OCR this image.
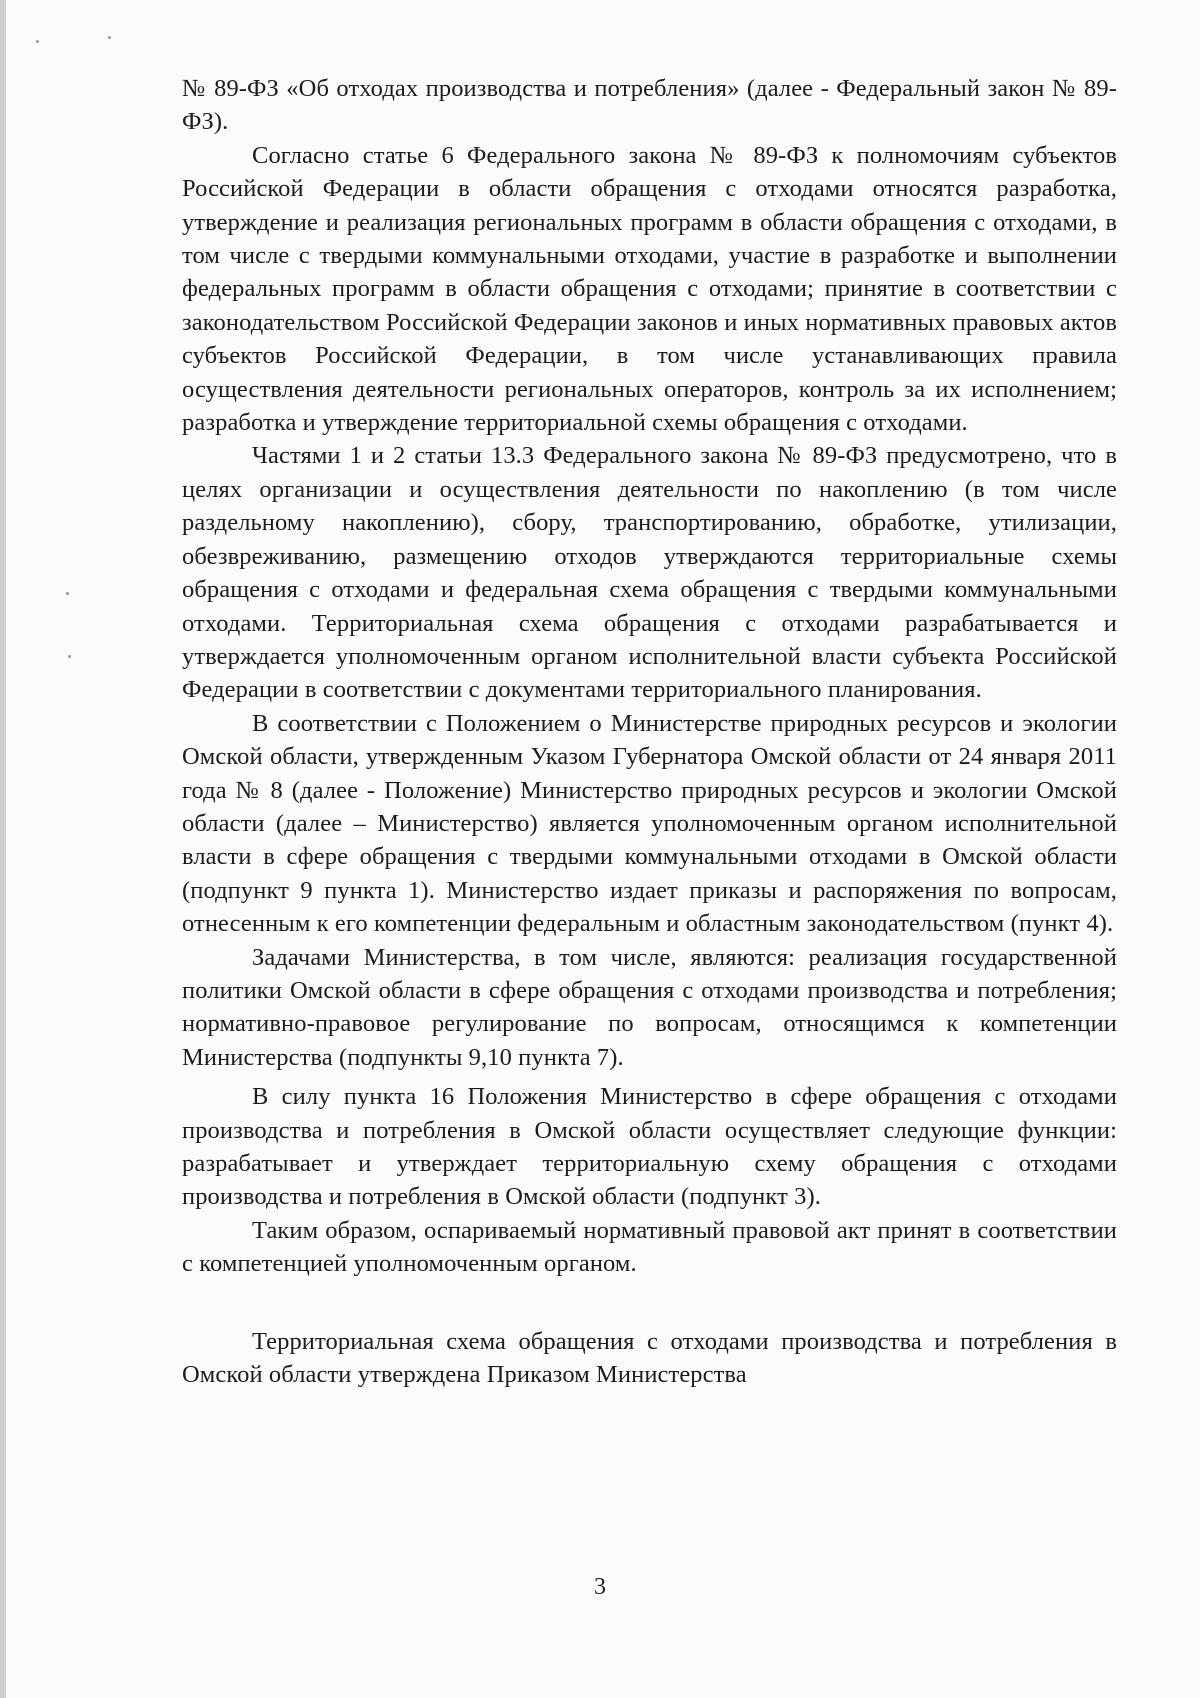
№ 89-ФЗ «Об отходах производства и потребления» (далее - Федеральный закон № 89-ФЗ).

Согласно статье 6 Федерального закона № 89-ФЗ к полномочиям субъектов Российской Федерации в области обращения с отходами относятся разработка, утверждение и реализация региональных программ в области обращения с отходами, в том числе с твердыми коммунальными отходами, участие в разработке и выполнении федеральных программ в области обращения с отходами; принятие в соответствии с законодательством Российской Федерации законов и иных нормативных правовых актов субъектов Российской Федерации, в том числе устанавливающих правила осуществления деятельности региональных операторов, контроль за их исполнением; разработка и утверждение территориальной схемы обращения с отходами.

Частями 1 и 2 статьи 13.3 Федерального закона № 89-ФЗ предусмотрено, что в целях организации и осуществления деятельности по накоплению (в том числе раздельному накоплению), сбору, транспортированию, обработке, утилизации, обезвреживанию, размещению отходов утверждаются территориальные схемы обращения с отходами и федеральная схема обращения с твердыми коммунальными отходами. Территориальная схема обращения с отходами разрабатывается и утверждается уполномоченным органом исполнительной власти субъекта Российской Федерации в соответствии с документами территориального планирования.

В соответствии с Положением о Министерстве природных ресурсов и экологии Омской области, утвержденным Указом Губернатора Омской области от 24 января 2011 года № 8 (далее - Положение) Министерство природных ресурсов и экологии Омской области (далее – Министерство) является уполномоченным органом исполнительной власти в сфере обращения с твердыми коммунальными отходами в Омской области (подпункт 9 пункта 1). Министерство издает приказы и распоряжения по вопросам, отнесенным к его компетенции федеральным и областным законодательством (пункт 4).

Задачами Министерства, в том числе, являются: реализация государственной политики Омской области в сфере обращения с отходами производства и потребления; нормативно-правовое регулирование по вопросам, относящимся к компетенции Министерства (подпункты 9,10 пункта 7).

В силу пункта 16 Положения Министерство в сфере обращения с отходами производства и потребления в Омской области осуществляет следующие функции: разрабатывает и утверждает территориальную схему обращения с отходами производства и потребления в Омской области (подпункт 3).

Таким образом, оспариваемый нормативный правовой акт принят в соответствии с компетенцией уполномоченным органом.

Территориальная схема обращения с отходами производства и потребления в Омской области утверждена Приказом Министерства

3
